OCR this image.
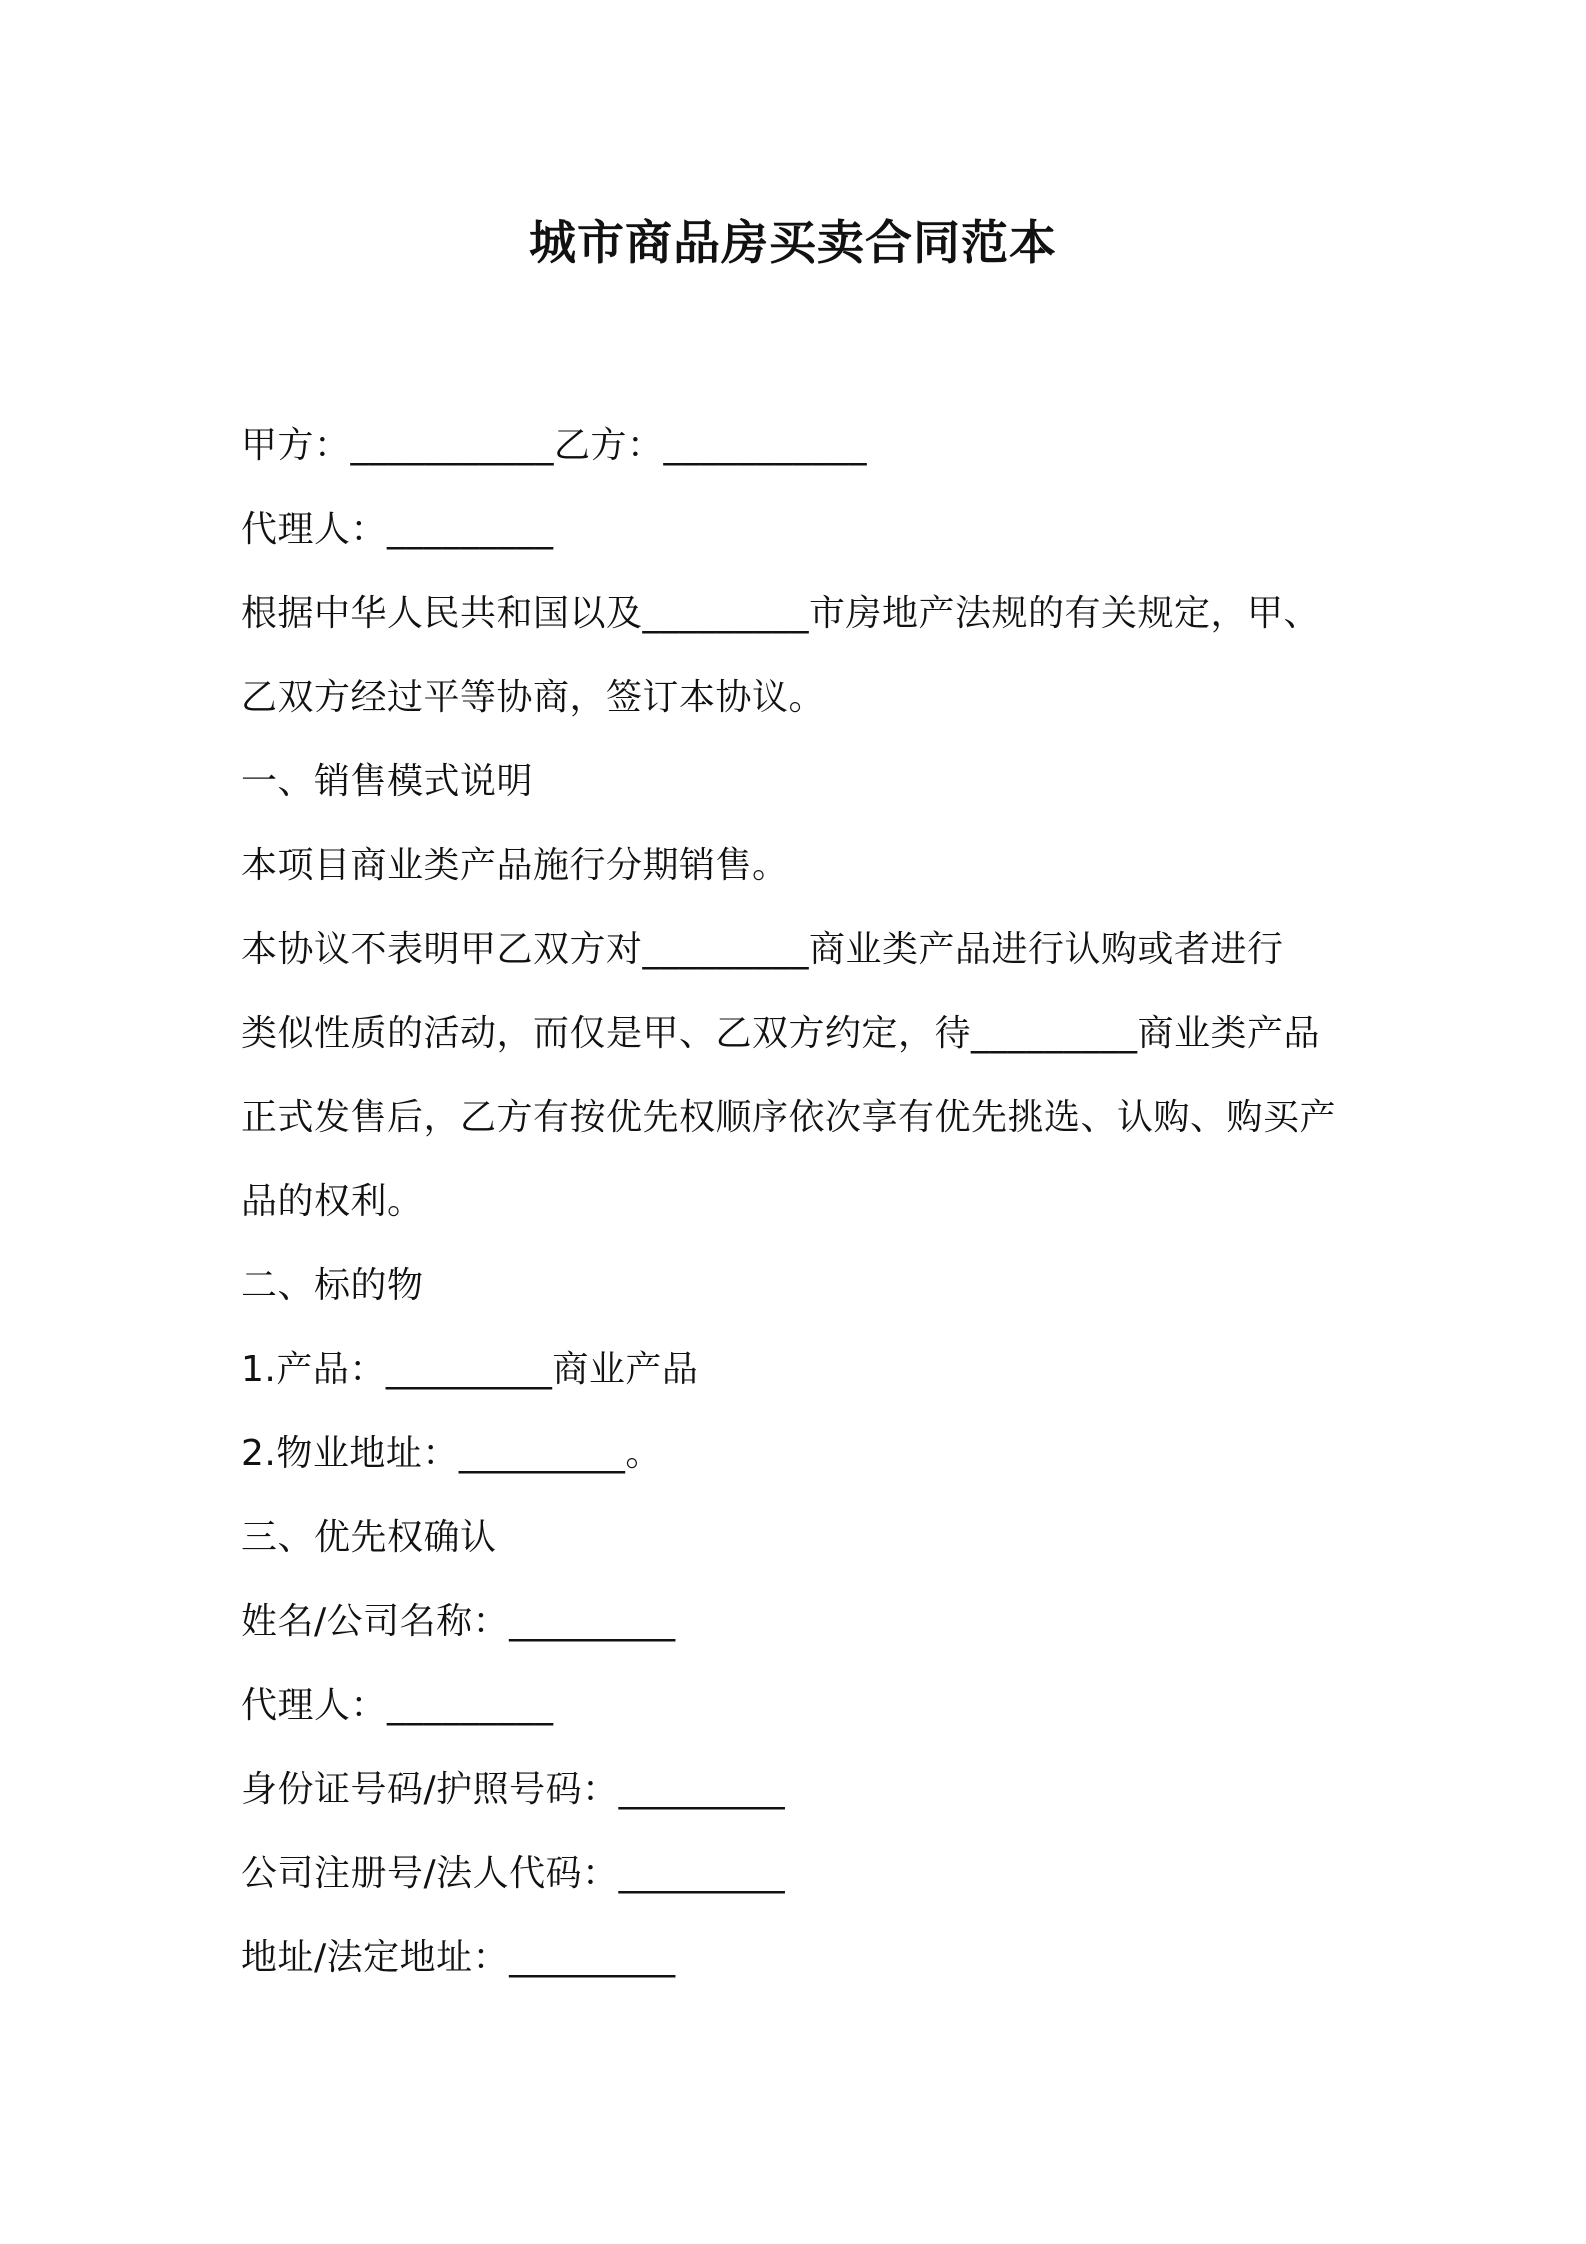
城市商品房买卖合同范本
甲方：___________乙方：___________
代理人：_________
根据中华人民共和国以及_________市房地产法规的有关规定，甲、
乙双方经过平等协商，签订本协议。
一、销售模式说明
本项目商业类产品施行分期销售。
本协议不表明甲乙双方对_________商业类产品进行认购或者进行
类似性质的活动，而仅是甲、乙双方约定，待_________商业类产品
正式发售后，乙方有按优先权顺序依次享有优先挑选、认购、购买产
品的权利。
二、标的物
1.产品：_________商业产品
2.物业地址：_________。
三、优先权确认
姓名/公司名称：_________
代理人：_________
身份证号码/护照号码：_________
公司注册号/法人代码：_________
地址/法定地址：_________
